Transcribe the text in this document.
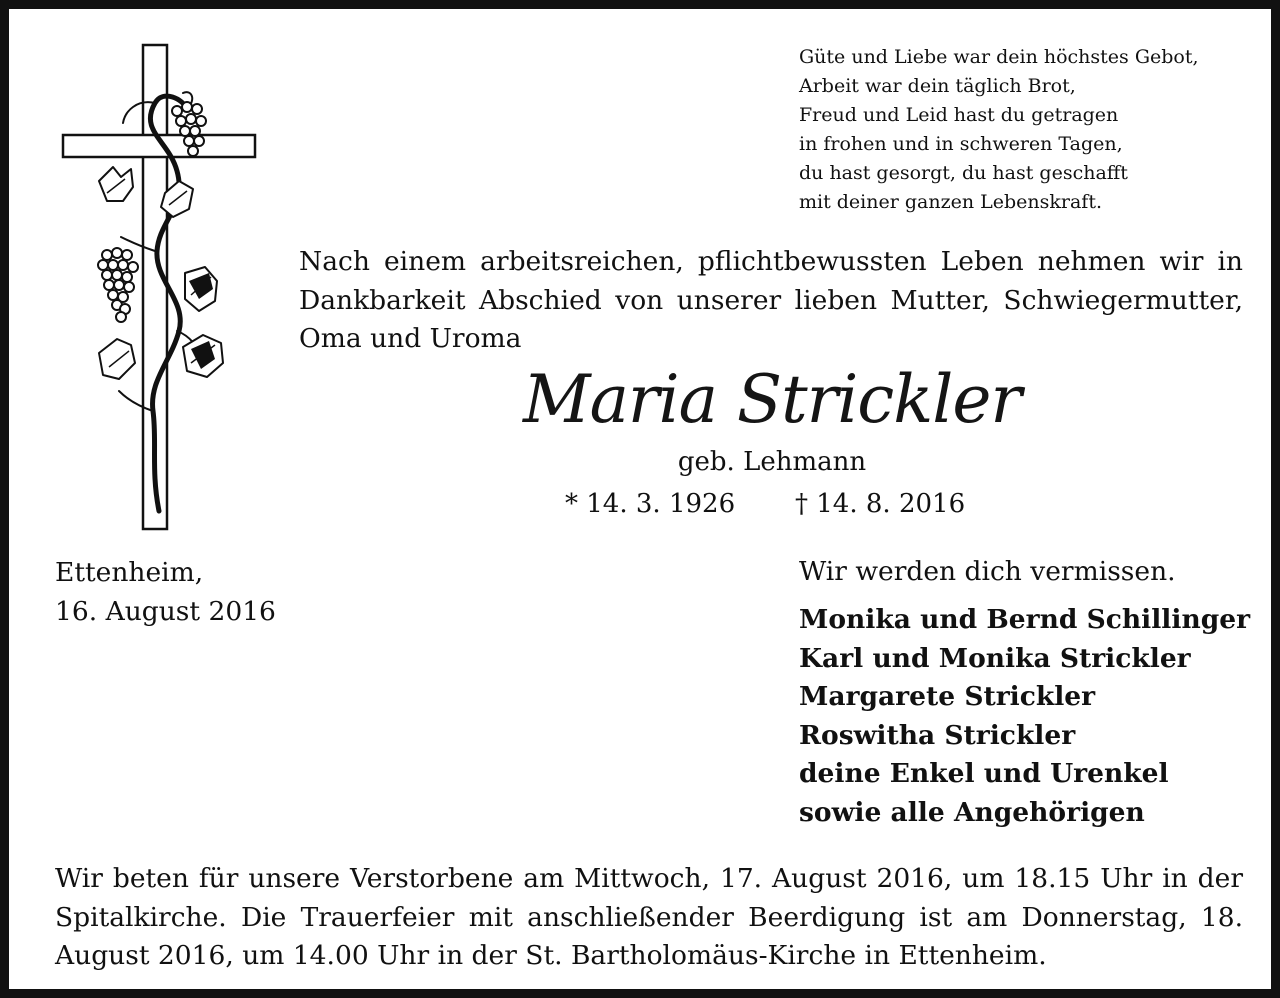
Güte und Liebe war dein höchstes Gebot,
Arbeit war dein täglich Brot,
Freud und Leid hast du getragen
in frohen und in schweren Tagen,
du hast gesorgt, du hast geschafft
mit deiner ganzen Lebenskraft.

Nach einem arbeitsreichen, pflichtbewussten Leben nehmen wir in Dankbarkeit Abschied von unserer lieben Mutter, Schwiegermutter, Oma und Uroma

Maria Strickler
geb. Lehmann
* 14. 3. 1926 † 14. 8. 2016
Ettenheim,
16. August 2016
Wir werden dich vermissen.
Monika und Bernd Schillinger
Karl und Monika Strickler
Margarete Strickler
Roswitha Strickler
deine Enkel und Urenkel
sowie alle Angehörigen

Wir beten für unsere Verstorbene am Mittwoch, 17. August 2016, um 18.15 Uhr in der Spitalkirche. Die Trauerfeier mit anschließender Beerdigung ist am Donnerstag, 18. August 2016, um 14.00 Uhr in der St. Bartholomäus-Kirche in Ettenheim.
